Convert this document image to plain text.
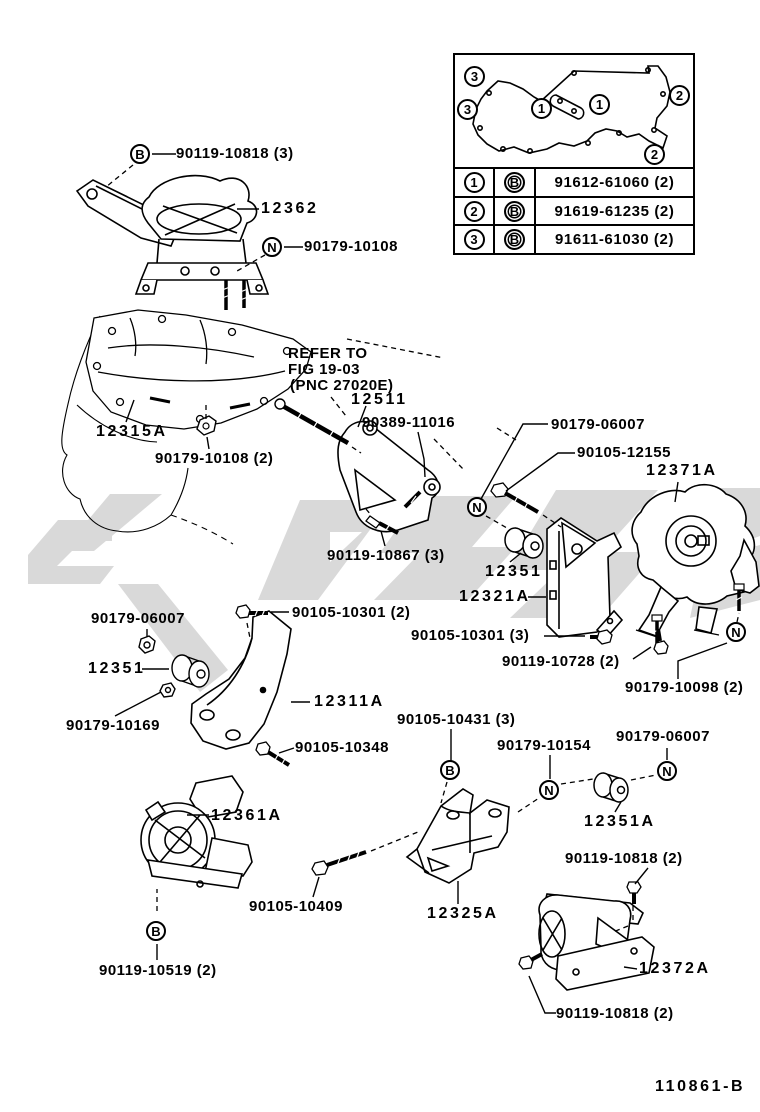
1	B	91612-61060 (2)
2	B	91619-61235 (2)
3	B	91611-61030 (2)
3
3	1	1
2
2
B
N
N
N
B
N
N
B
90119-10818 (3)
12362
90179-10108
12315A
REFER TO
FIG 19-03
(PNC 27020E)
12511
90389-11016
90179-10108 (2)
90179-06007
90105-12155
12371A
90119-10867 (3)
12351
12321A
90105-10301 (2)
90105-10301 (3)
90119-10728 (2)
90179-10098 (2)
90179-06007
12351
90179-10169
12311A
90105-10348
90105-10431 (3)
90179-10154
90179-06007
12351A
12361A
90105-10409	12325A
90119-10818 (2)
12372A
90119-10519 (2)
90119-10818 (2)
110861-B
